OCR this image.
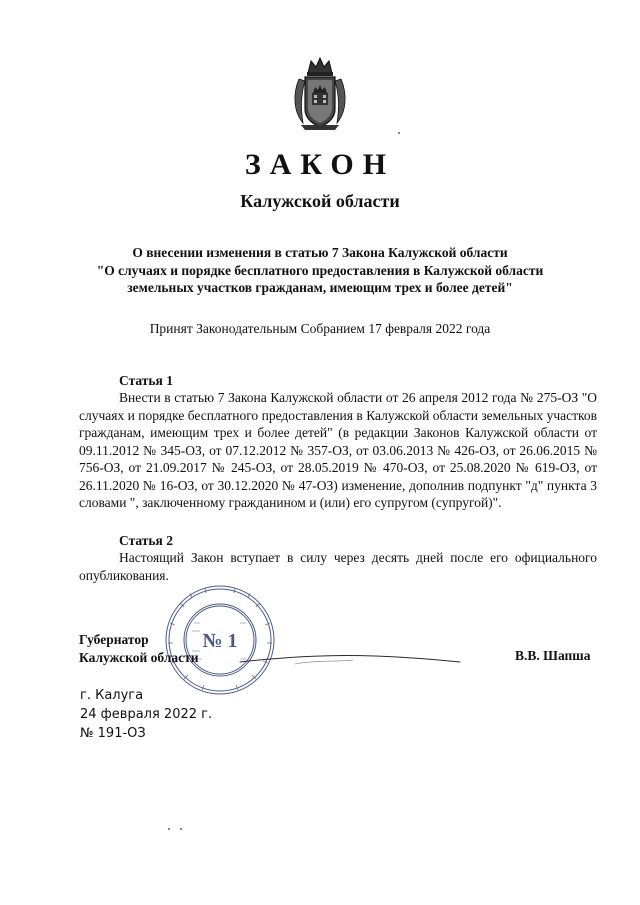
ЗАКОН
Калужской области
О внесении изменения в статью 7 Закона Калужской области
"О случаях и порядке бесплатного предоставления в Калужской области
земельных участков гражданам, имеющим трех и более детей"

Принят Законодательным Собранием 17 февраля 2022 года

Статья 1

Внести в статью 7 Закона Калужской области от 26 апреля 2012 года № 275-ОЗ "О случаях и порядке бесплатного предоставления в Калужской области земельных участков гражданам, имеющим трех и более детей" (в редакции Законов Калужской области от 09.11.2012 № 345-ОЗ, от 07.12.2012 № 357-ОЗ, от 03.06.2013 № 426-ОЗ, от 26.06.2015 № 756-ОЗ, от 21.09.2017 № 245-ОЗ, от 28.05.2019 № 470-ОЗ, от 25.08.2020 № 619-ОЗ, от 26.11.2020 № 16-ОЗ, от 30.12.2020 № 47-ОЗ) изменение, дополнив подпункт "д" пункта 3 словами ", заключенному гражданином и (или) его супругом (супругой)".

Статья 2

Настоящий Закон вступает в силу через десять дней после его официального опубликования.

№ 1
Губернатор
Калужской области	В.В. Шапша

г. Калуга
24 февраля 2022 г.
№ 191-ОЗ
